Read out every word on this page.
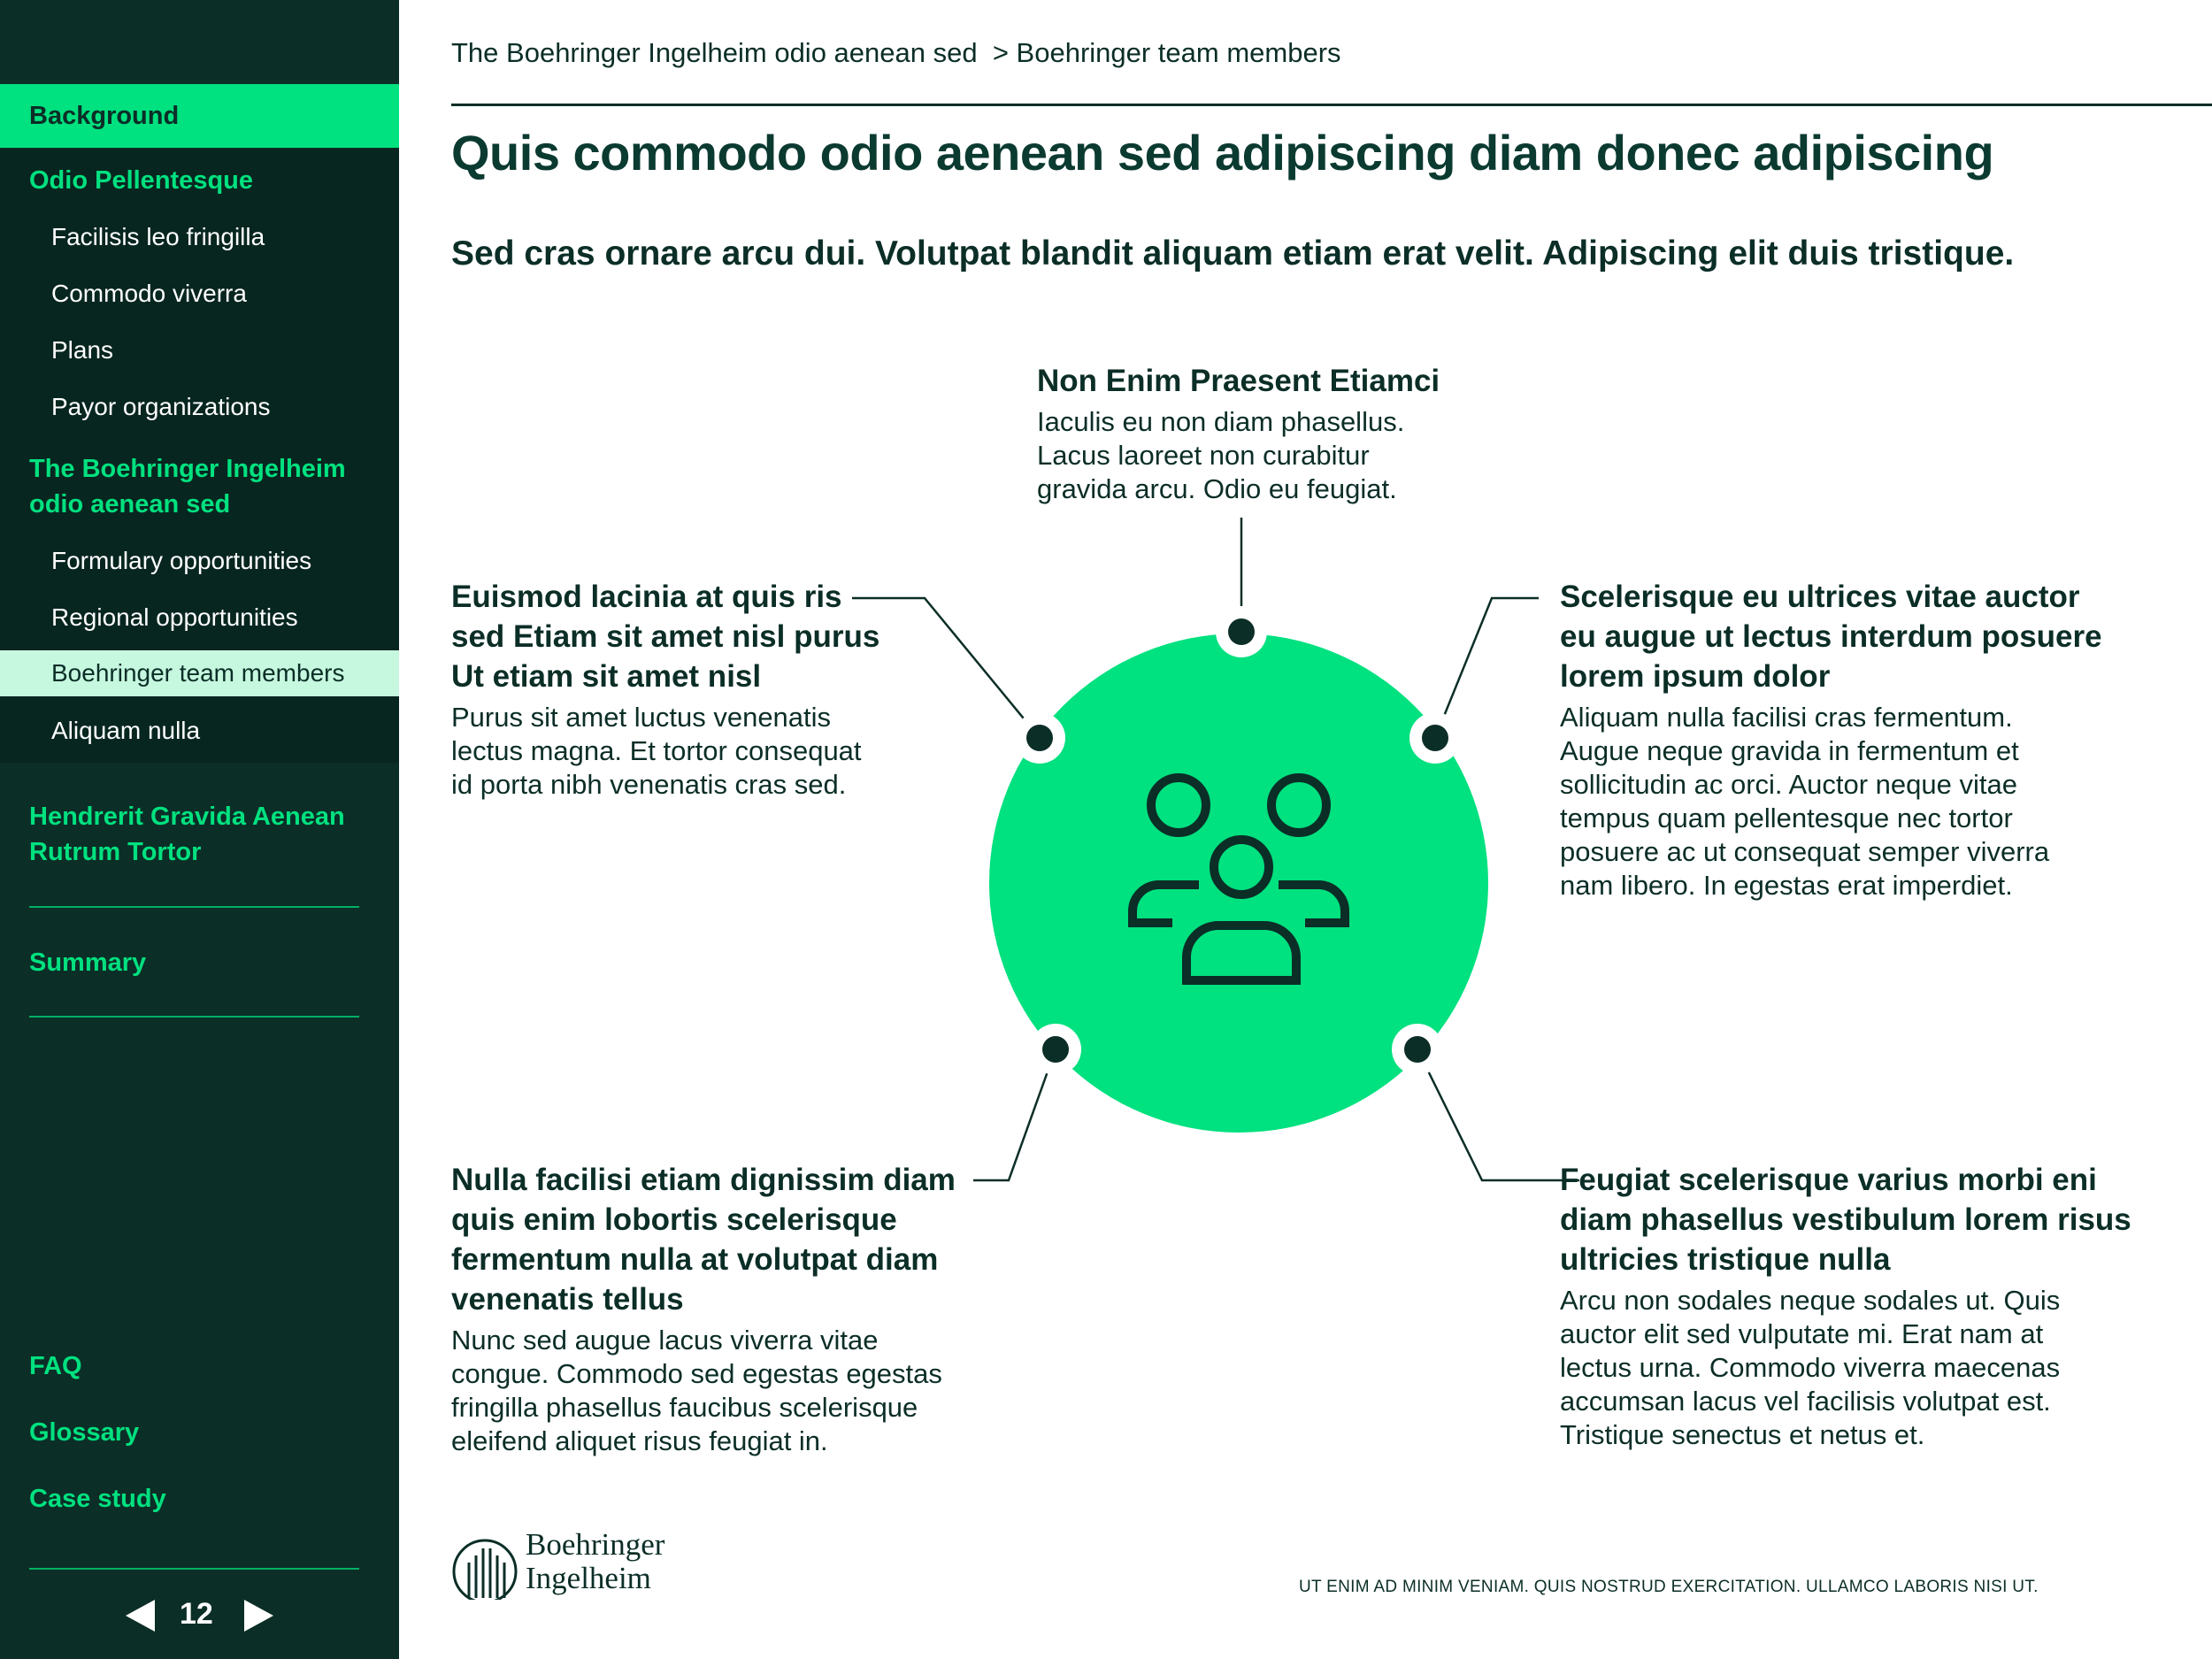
Background
Odio Pellentesque
Facilisis leo fringilla
Commodo viverra
Plans
Payor organizations
The Boehringer Ingelheim
odio aenean sed
Formulary opportunities
Regional opportunities
Boehringer team members
Aliquam nulla
Hendrerit Gravida Aenean
Rutrum Tortor
Summary
FAQ
Glossary
Case study
12
The Boehringer Ingelheim odio aenean sed > Boehringer team members
Quis commodo odio aenean sed adipiscing diam donec adipiscing
Sed cras ornare arcu dui. Volutpat blandit aliquam etiam erat velit. Adipiscing elit duis tristique.
Non Enim Praesent Etiamci
Iaculis eu non diam phasellus.
Lacus laoreet non curabitur
gravida arcu. Odio eu feugiat.
Euismod lacinia at quis ris
sed Etiam sit amet nisl purus
Ut etiam sit amet nisl
Purus sit amet luctus venenatis
lectus magna. Et tortor consequat
id porta nibh venenatis cras sed.
Scelerisque eu ultrices vitae auctor
eu augue ut lectus interdum posuere
lorem ipsum dolor
Aliquam nulla facilisi cras fermentum.
Augue neque gravida in fermentum et
sollicitudin ac orci. Auctor neque vitae
tempus quam pellentesque nec tortor
posuere ac ut consequat semper viverra
nam libero. In egestas erat imperdiet.
Nulla facilisi etiam dignissim diam
quis enim lobortis scelerisque
fermentum nulla at volutpat diam
venenatis tellus
Nunc sed augue lacus viverra vitae
congue. Commodo sed egestas egestas
fringilla phasellus faucibus scelerisque
eleifend aliquet risus feugiat in.
Feugiat scelerisque varius morbi eni
diam phasellus vestibulum lorem risus
ultricies tristique nulla
Arcu non sodales neque sodales ut. Quis
auctor elit sed vulputate mi. Erat nam at
lectus urna. Commodo viverra maecenas
accumsan lacus vel facilisis volutpat est.
Tristique senectus et netus et.
Boehringer
Ingelheim	UT ENIM AD MINIM VENIAM. QUIS NOSTRUD EXERCITATION. ULLAMCO LABORIS NISI UT.
